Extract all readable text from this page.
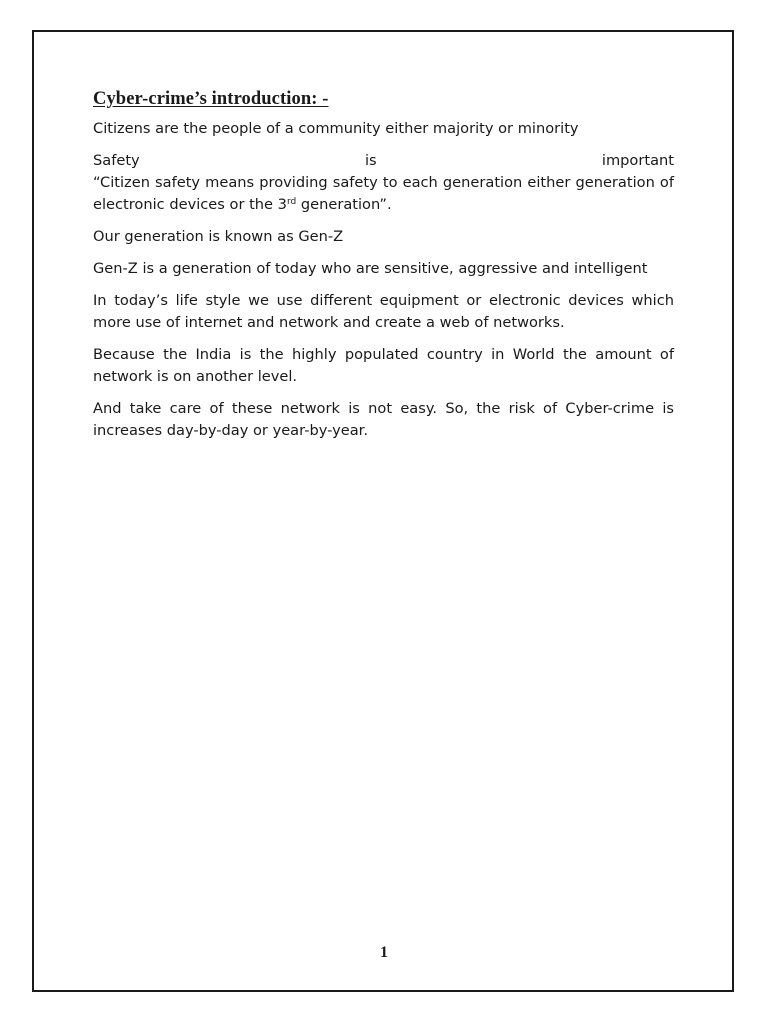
Cyber-crime’s introduction: -

Citizens are the people of a community either majority or minority

Safety	is	important
“Citizen safety means providing safety to each generation either generation of electronic devices or the 3rd generation”.

Our generation is known as Gen-Z

Gen-Z is a generation of today who are sensitive, aggressive and intelligent

In today’s life style we use different equipment or electronic devices which more use of internet and network and create a web of networks.

Because the India is the highly populated country in World the amount of network is on another level.

And take care of these network is not easy. So, the risk of Cyber-crime is increases day-by-day or year-by-year.

1
